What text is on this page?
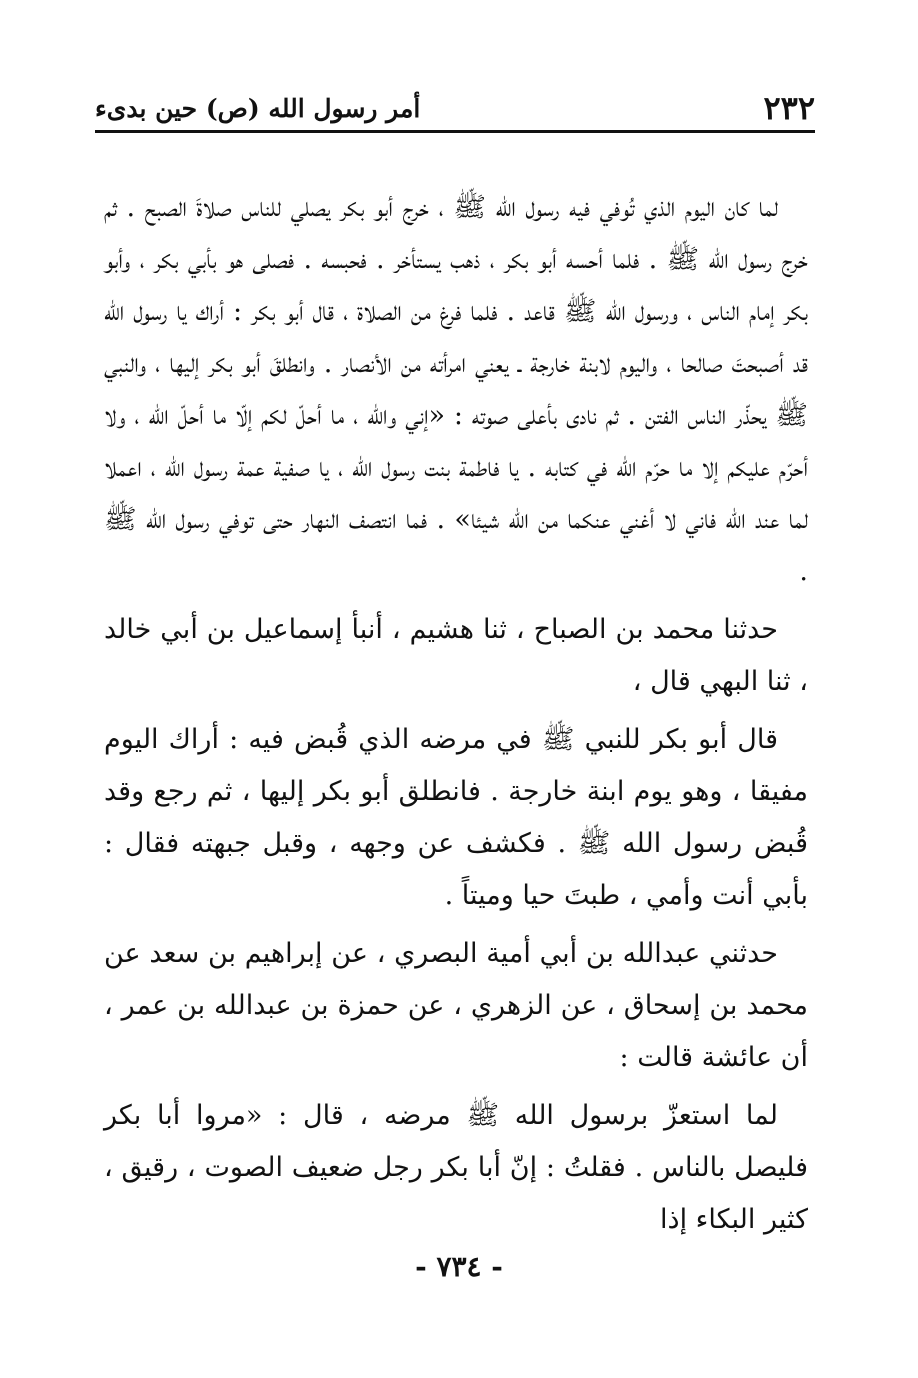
٢٣٢
أمر رسول الله (ص) حين بدىء

لما كان اليوم الذي تُوفي فيه رسول الله ﷺ ، خرج أبو بكر يصلي للناس صلاةَ الصبح . ثم خرج رسول الله ﷺ . فلما أحسه أبو بكر ، ذهب يستأخر . فحبسه . فصلى هو بأبي بكر ، وأبو بكر إمام الناس ، ورسول الله ﷺ قاعد . فلما فرغ من الصلاة ، قال أبو بكر : أراك يا رسول الله قد أصبحتَ صالحا ، واليوم لابنة خارجة ـ يعني امرأته من الأنصار . وانطلقَ أبو بكر إليها ، والنبي ﷺ يحذّر الناس الفتن . ثم نادى بأعلى صوته : «إني والله ، ما أحلّ لكم إلّا ما أحلّ الله ، ولا أحرّم عليكم إلا ما حرّم الله في كتابه . يا فاطمة بنت رسول الله ، يا صفية عمة رسول الله ، اعملا لما عند الله فاني لا أغني عنكما من الله شيئا» . فما انتصف النهار حتى توفي رسول الله ﷺ .

حدثنا محمد بن الصباح ، ثنا هشيم ، أنبأ إسماعيل بن أبي خالد ، ثنا البهي قال ،

قال أبو بكر للنبي ﷺ في مرضه الذي قُبض فيه : أراك اليوم مفيقا ، وهو يوم ابنة خارجة . فانطلق أبو بكر إليها ، ثم رجع وقد قُبض رسول الله ﷺ . فكشف عن وجهه ، وقبل جبهته فقال : بأبي أنت وأمي ، طبتَ حيا وميتاً .

حدثني عبدالله بن أبي أمية البصري ، عن إبراهيم بن سعد عن محمد بن إسحاق ، عن الزهري ، عن حمزة بن عبدالله بن عمر ، أن عائشة قالت :

لما استعزّ برسول الله ﷺ مرضه ، قال : «مروا أبا بكر فليصل بالناس . فقلتُ : إنّ أبا بكر رجل ضعيف الصوت ، رقيق ، كثير البكاء إذا

- ٧٣٤ -
